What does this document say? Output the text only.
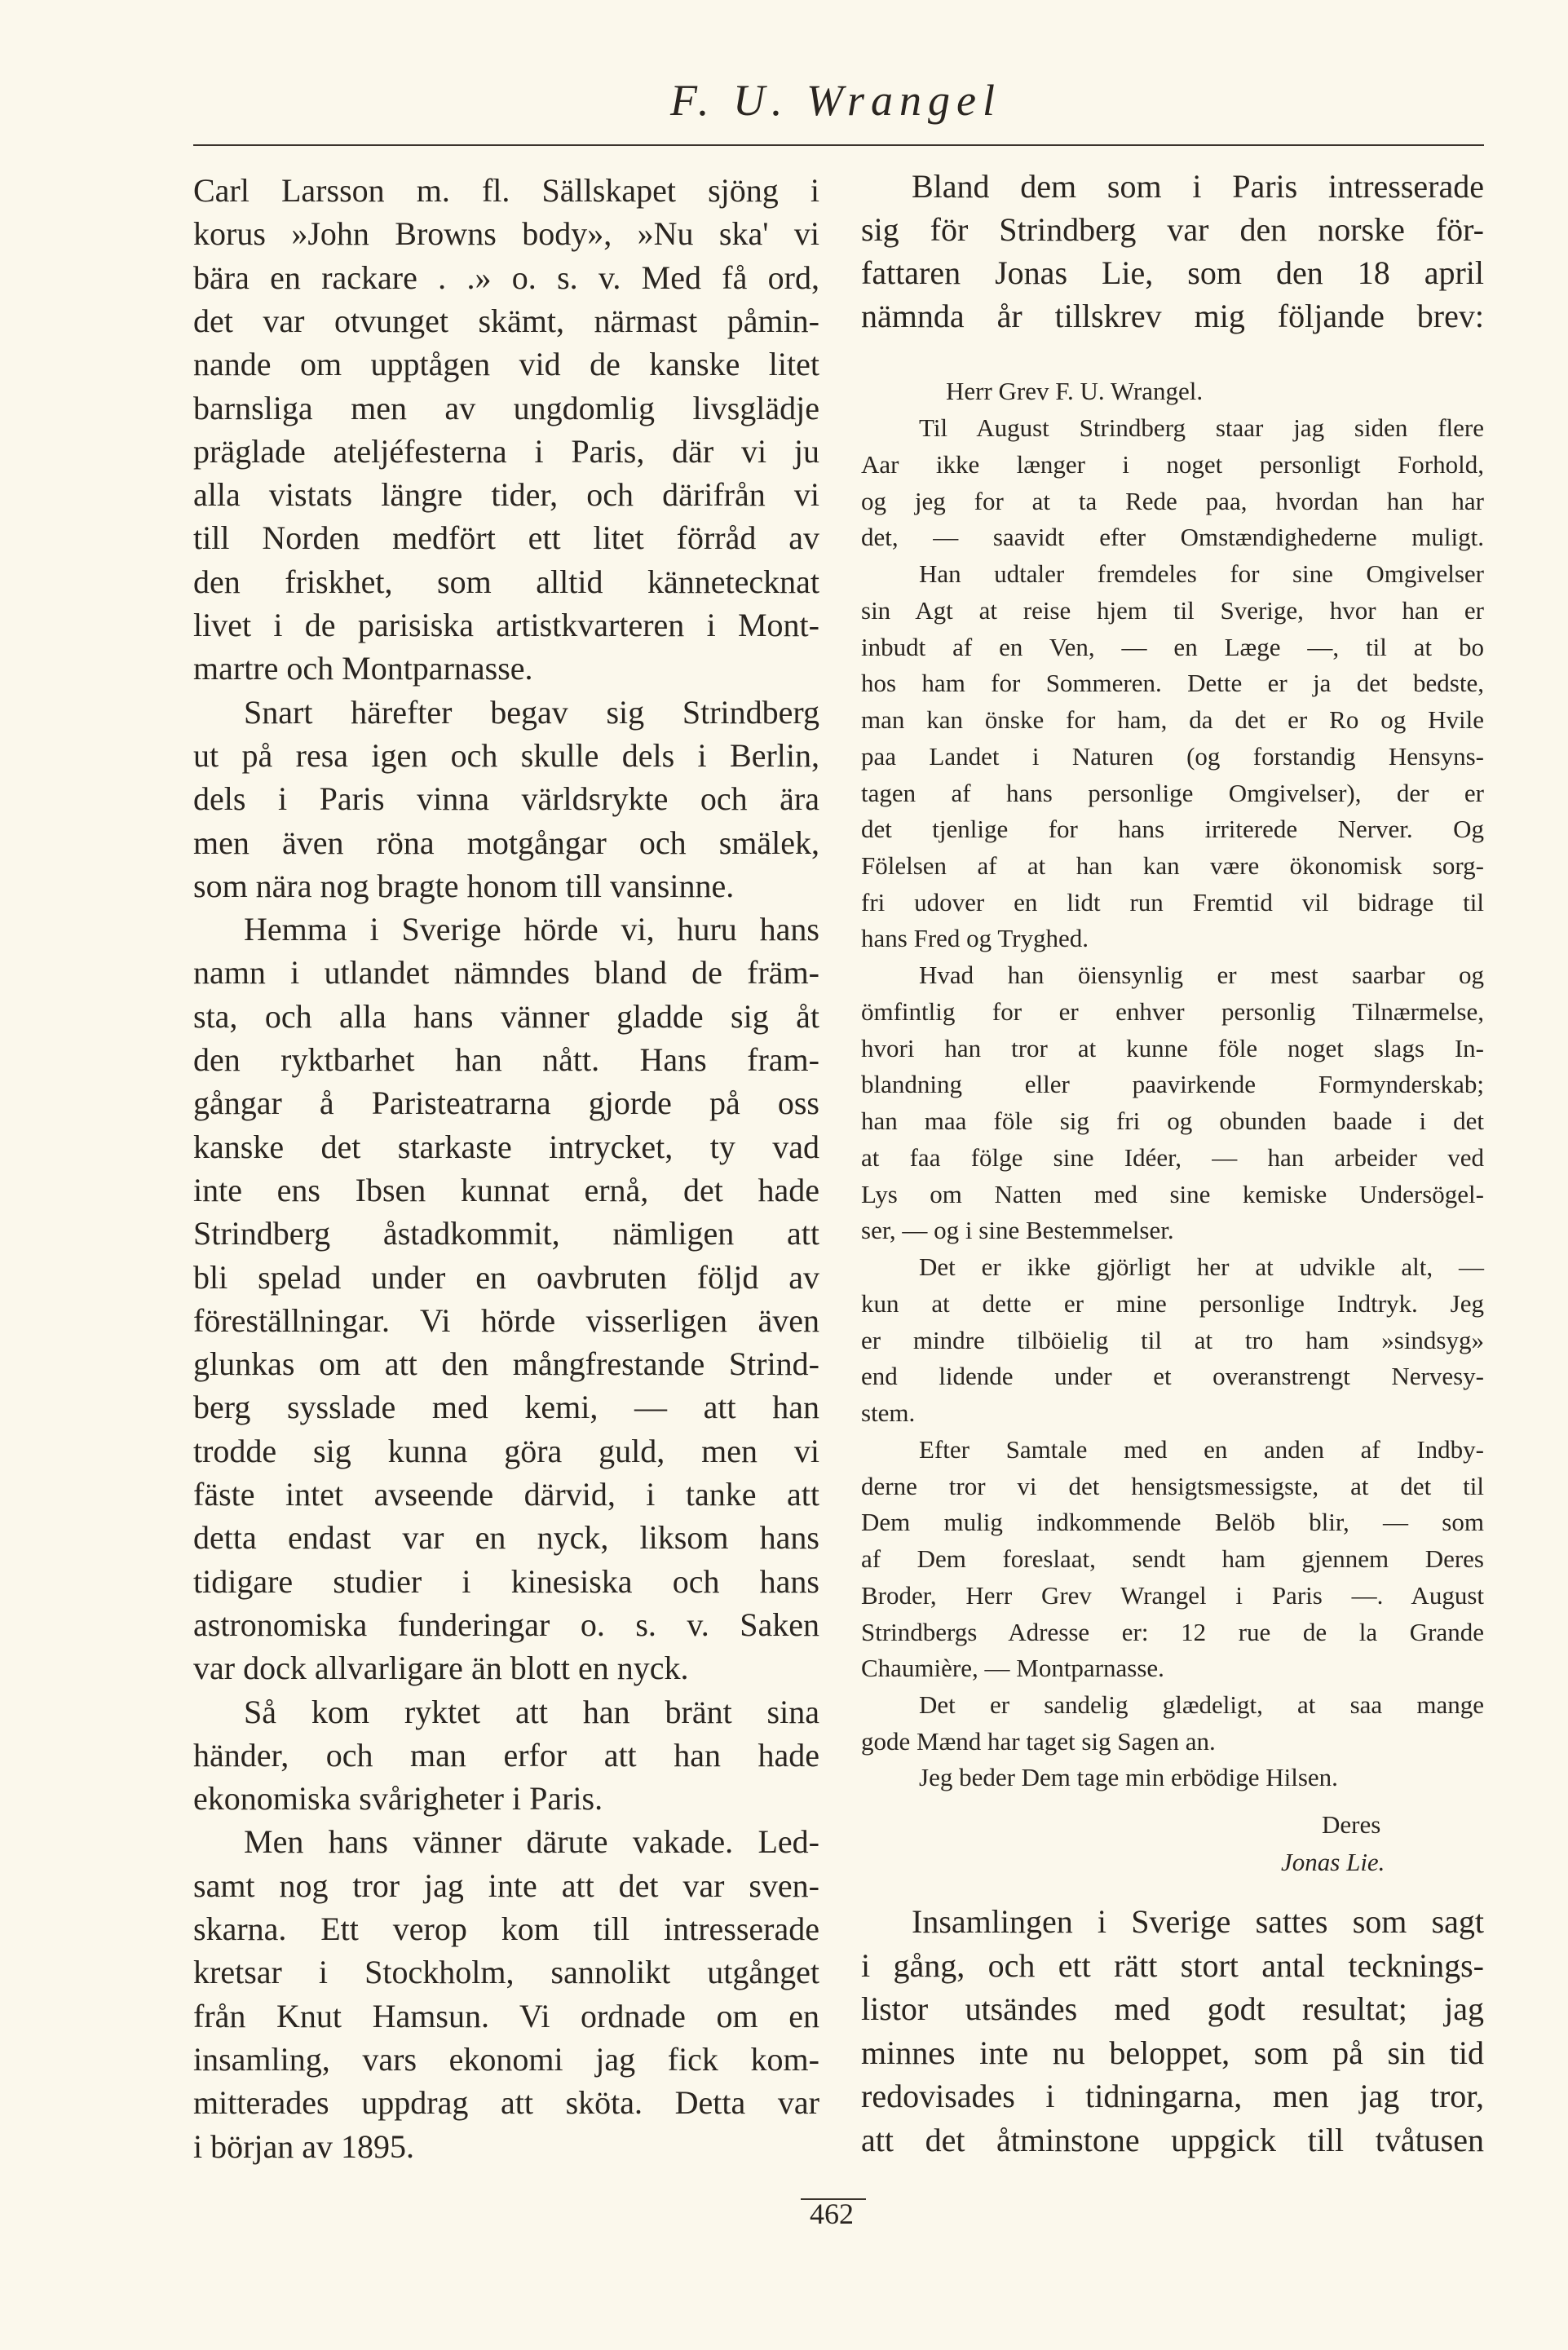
F. U. Wrangel
Carl Larsson m. fl. Sällskapet sjöng i
korus »John Browns body», »Nu ska' vi
bära en rackare . .» o. s. v. Med få ord,
det var otvunget skämt, närmast påmin-
nande om upptågen vid de kanske litet
barnsliga men av ungdomlig livsglädje
präglade ateljéfesterna i Paris, där vi ju
alla vistats längre tider, och därifrån vi
till Norden medfört ett litet förråd av
den friskhet, som alltid kännetecknat
livet i de parisiska artistkvarteren i Mont-
martre och Montparnasse.
Snart härefter begav sig Strindberg
ut på resa igen och skulle dels i Berlin,
dels i Paris vinna världsrykte och ära
men även röna motgångar och smälek,
som nära nog bragte honom till vansinne.
Hemma i Sverige hörde vi, huru hans
namn i utlandet nämndes bland de främ-
sta, och alla hans vänner gladde sig åt
den ryktbarhet han nått. Hans fram-
gångar å Paristeatrarna gjorde på oss
kanske det starkaste intrycket, ty vad
inte ens Ibsen kunnat ernå, det hade
Strindberg åstadkommit, nämligen att
bli spelad under en oavbruten följd av
föreställningar. Vi hörde visserligen även
glunkas om att den mångfrestande Strind-
berg sysslade med kemi, — att han
trodde sig kunna göra guld, men vi
fäste intet avseende därvid, i tanke att
detta endast var en nyck, liksom hans
tidigare studier i kinesiska och hans
astronomiska funderingar o. s. v. Saken
var dock allvarligare än blott en nyck.
Så kom ryktet att han bränt sina
händer, och man erfor att han hade
ekonomiska svårigheter i Paris.
Men hans vänner därute vakade. Led-
samt nog tror jag inte att det var sven-
skarna. Ett verop kom till intresserade
kretsar i Stockholm, sannolikt utgånget
från Knut Hamsun. Vi ordnade om en
insamling, vars ekonomi jag fick kom-
mitterades uppdrag att sköta. Detta var
i början av 1895.
Bland dem som i Paris intresserade
sig för Strindberg var den norske för-
fattaren Jonas Lie, som den 18 april
nämnda år tillskrev mig följande brev:
Herr Grev F. U. Wrangel.
Deres
Jonas Lie.
Til August Strindberg staar jag siden flere
Aar ikke længer i noget personligt Forhold,
og jeg for at ta Rede paa, hvordan han har
det, — saavidt efter Omstændighederne muligt.
Han udtaler fremdeles for sine Omgivelser
sin Agt at reise hjem til Sverige, hvor han er
inbudt af en Ven, — en Læge —, til at bo
hos ham for Sommeren. Dette er ja det bedste,
man kan önske for ham, da det er Ro og Hvile
paa Landet i Naturen (og forstandig Hensyns-
tagen af hans personlige Omgivelser), der er
det tjenlige for hans irriterede Nerver. Og
Fölelsen af at han kan være ökonomisk sorg-
fri udover en lidt run Fremtid vil bidrage til
hans Fred og Tryghed.
Hvad han öiensynlig er mest saarbar og
ömfintlig for er enhver personlig Tilnærmelse,
hvori han tror at kunne föle noget slags In-
blandning eller paavirkende Formynderskab;
han maa föle sig fri og obunden baade i det
at faa fölge sine Idéer, — han arbeider ved
Lys om Natten med sine kemiske Undersögel-
ser, — og i sine Bestemmelser.
Det er ikke gjörligt her at udvikle alt, —
kun at dette er mine personlige Indtryk. Jeg
er mindre tilböielig til at tro ham »sindsyg»
end lidende under et overanstrengt Nervesy-
stem.
Efter Samtale med en anden af Indby-
derne tror vi det hensigtsmessigste, at det til
Dem mulig indkommende Belöb blir, — som
af Dem foreslaat, sendt ham gjennem Deres
Broder, Herr Grev Wrangel i Paris —. August
Strindbergs Adresse er: 12 rue de la Grande
Chaumière, — Montparnasse.
Det er sandelig glædeligt, at saa mange
gode Mænd har taget sig Sagen an.
Jeg beder Dem tage min erbödige Hilsen.
Insamlingen i Sverige sattes som sagt
i gång, och ett rätt stort antal tecknings-
listor utsändes med godt resultat; jag
minnes inte nu beloppet, som på sin tid
redovisades i tidningarna, men jag tror,
att det åtminstone uppgick till tvåtusen
462
